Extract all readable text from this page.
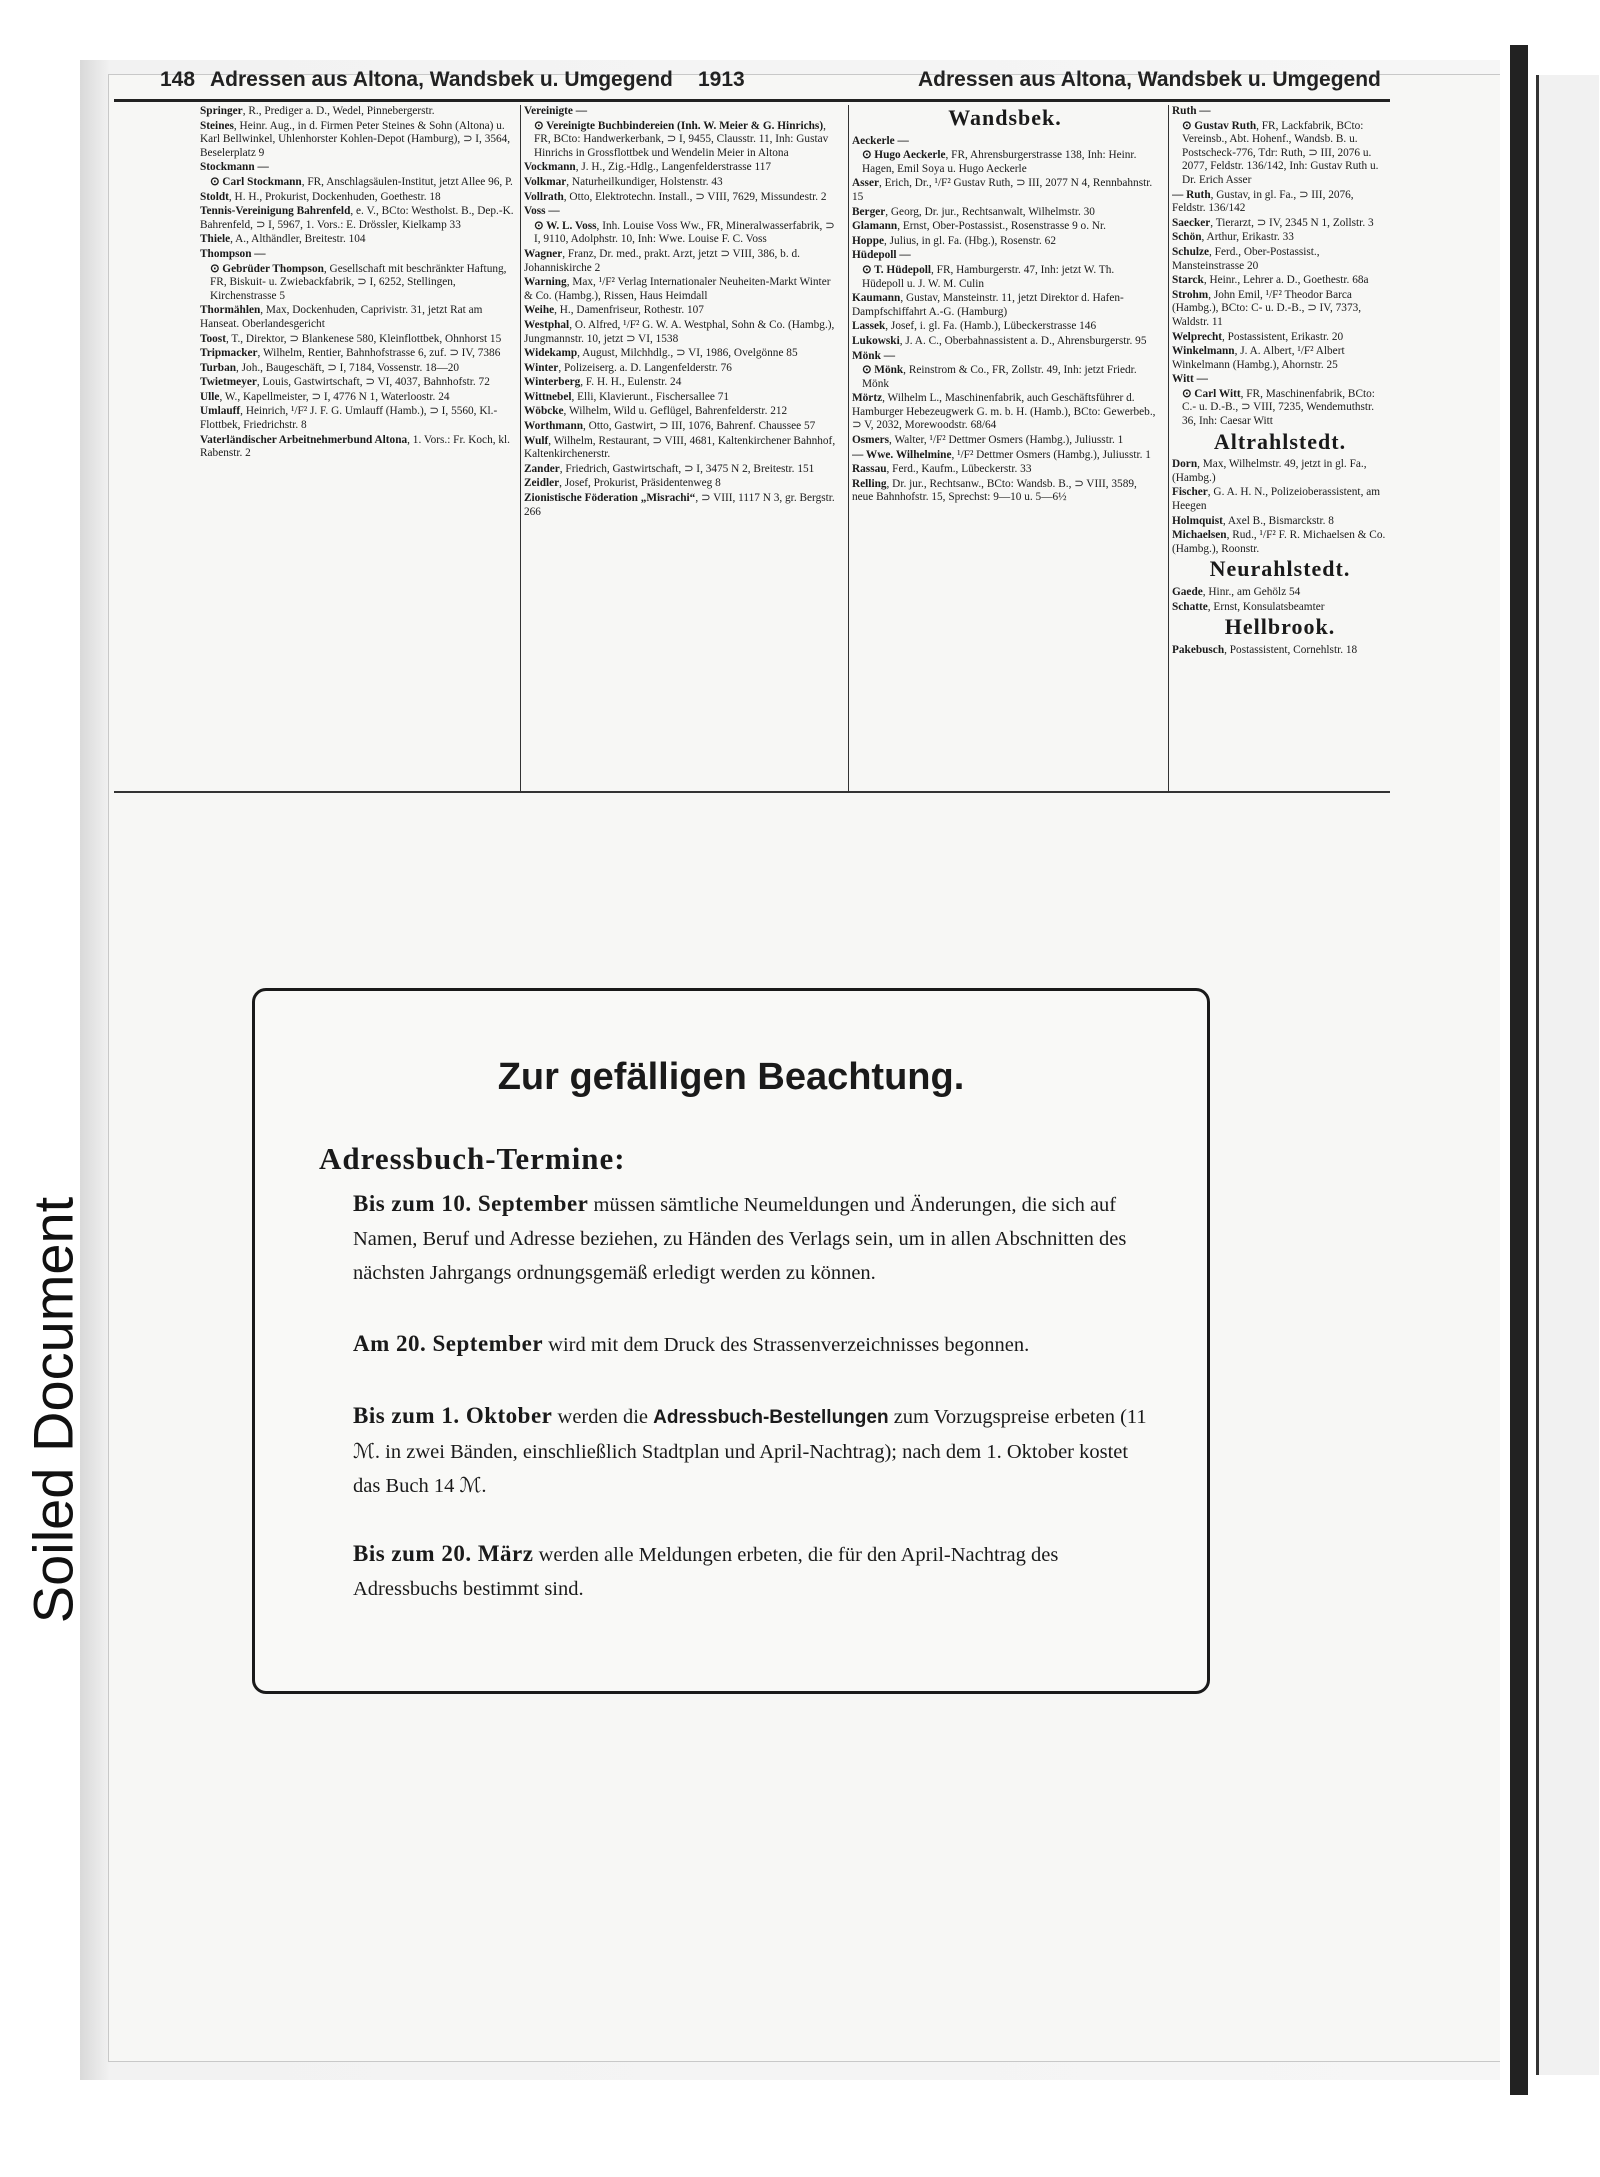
Soiled Document
148 Adressen aus Altona, Wandsbek u. Umgegend 1913	Adressen aus Altona, Wandsbek u. Umgegend

Springer, R., Prediger a. D., Wedel, Pinnebergerstr.

Steines, Heinr. Aug., in d. Firmen Peter Steines & Sohn (Altona) u. Karl Bellwinkel, Uhlenhorster Kohlen-Depot (Hamburg), ⊃ I, 3564, Beselerplatz 9

Stockmann —

⊙ Carl Stockmann, FR, Anschlagsäulen-Institut, jetzt Allee 96, P.

Stoldt, H. H., Prokurist, Dockenhuden, Goethestr. 18

Tennis-Vereinigung Bahrenfeld, e. V., BCto: Westholst. B., Dep.-K. Bahrenfeld, ⊃ I, 5967, 1. Vors.: E. Drössler, Kielkamp 33

Thiele, A., Althändler, Breitestr. 104

Thompson —

⊙ Gebrüder Thompson, Gesellschaft mit beschränkter Haftung, FR, Biskuit- u. Zwiebackfabrik, ⊃ I, 6252, Stellingen, Kirchenstrasse 5

Thormählen, Max, Dockenhuden, Caprivistr. 31, jetzt Rat am Hanseat. Oberlandesgericht

Toost, T., Direktor, ⊃ Blankenese 580, Kleinflottbek, Ohnhorst 15

Tripmacker, Wilhelm, Rentier, Bahnhofstrasse 6, zuf. ⊃ IV, 7386

Turban, Joh., Baugeschäft, ⊃ I, 7184, Vossenstr. 18—20

Twietmeyer, Louis, Gastwirtschaft, ⊃ VI, 4037, Bahnhofstr. 72

Ulle, W., Kapellmeister, ⊃ I, 4776 N 1, Waterloostr. 24

Umlauff, Heinrich, ¹/F² J. F. G. Umlauff (Hamb.), ⊃ I, 5560, Kl.-Flottbek, Friedrichstr. 8

Vaterländischer Arbeitnehmerbund Altona, 1. Vors.: Fr. Koch, kl. Rabenstr. 2

Vereinigte —

⊙ Vereinigte Buchbindereien (Inh. W. Meier & G. Hinrichs), FR, BCto: Handwerkerbank, ⊃ I, 9455, Clausstr. 11, Inh: Gustav Hinrichs in Grossflottbek und Wendelin Meier in Altona

Vockmann, J. H., Zig.-Hdlg., Langenfelderstrasse 117

Volkmar, Naturheilkundiger, Holstenstr. 43

Vollrath, Otto, Elektrotechn. Install., ⊃ VIII, 7629, Missundestr. 2

Voss —

⊙ W. L. Voss, Inh. Louise Voss Ww., FR, Mineralwasserfabrik, ⊃ I, 9110, Adolphstr. 10, Inh: Wwe. Louise F. C. Voss

Wagner, Franz, Dr. med., prakt. Arzt, jetzt ⊃ VIII, 386, b. d. Johanniskirche 2

Warning, Max, ¹/F² Verlag Internationaler Neuheiten-Markt Winter & Co. (Hambg.), Rissen, Haus Heimdall

Weihe, H., Damenfriseur, Rothestr. 107

Westphal, O. Alfred, ¹/F² G. W. A. Westphal, Sohn & Co. (Hambg.), Jungmannstr. 10, jetzt ⊃ VI, 1538

Widekamp, August, Milchhdlg., ⊃ VI, 1986, Ovelgönne 85

Winter, Polizeiserg. a. D. Langenfelderstr. 76

Winterberg, F. H. H., Eulenstr. 24

Wittnebel, Elli, Klavierunt., Fischersallee 71

Wöbcke, Wilhelm, Wild u. Geflügel, Bahrenfelderstr. 212

Worthmann, Otto, Gastwirt, ⊃ III, 1076, Bahrenf. Chaussee 57

Wulf, Wilhelm, Restaurant, ⊃ VIII, 4681, Kaltenkirchener Bahnhof, Kaltenkirchenerstr.

Zander, Friedrich, Gastwirtschaft, ⊃ I, 3475 N 2, Breitestr. 151

Zeidler, Josef, Prokurist, Präsidentenweg 8

Zionistische Föderation „Misrachi“, ⊃ VIII, 1117 N 3, gr. Bergstr. 266

Wandsbek.

Aeckerle —

⊙ Hugo Aeckerle, FR, Ahrensburgerstrasse 138, Inh: Heinr. Hagen, Emil Soya u. Hugo Aeckerle

Asser, Erich, Dr., ¹/F² Gustav Ruth, ⊃ III, 2077 N 4, Rennbahnstr. 15

Berger, Georg, Dr. jur., Rechtsanwalt, Wilhelmstr. 30

Glamann, Ernst, Ober-Postassist., Rosenstrasse 9 o. Nr.

Hoppe, Julius, in gl. Fa. (Hbg.), Rosenstr. 62

Hüdepoll —

⊙ T. Hüdepoll, FR, Hamburgerstr. 47, Inh: jetzt W. Th. Hüdepoll u. J. W. M. Culin

Kaumann, Gustav, Mansteinstr. 11, jetzt Direktor d. Hafen-Dampfschiffahrt A.-G. (Hamburg)

Lassek, Josef, i. gl. Fa. (Hamb.), Lübeckerstrasse 146

Lukowski, J. A. C., Oberbahnassistent a. D., Ahrensburgerstr. 95

Mönk —

⊙ Mönk, Reinstrom & Co., FR, Zollstr. 49, Inh: jetzt Friedr. Mönk

Mörtz, Wilhelm L., Maschinenfabrik, auch Geschäftsführer d. Hamburger Hebezeugwerk G. m. b. H. (Hamb.), BCto: Gewerbeb., ⊃ V, 2032, Morewoodstr. 68/64

Osmers, Walter, ¹/F² Dettmer Osmers (Hambg.), Juliusstr. 1

— Wwe. Wilhelmine, ¹/F² Dettmer Osmers (Hambg.), Juliusstr. 1

Rassau, Ferd., Kaufm., Lübeckerstr. 33

Relling, Dr. jur., Rechtsanw., BCto: Wandsb. B., ⊃ VIII, 3589, neue Bahnhofstr. 15, Sprechst: 9—10 u. 5—6½

Ruth —

⊙ Gustav Ruth, FR, Lackfabrik, BCto: Vereinsb., Abt. Hohenf., Wandsb. B. u. Postscheck-776, Tdr: Ruth, ⊃ III, 2076 u. 2077, Feldstr. 136/142, Inh: Gustav Ruth u. Dr. Erich Asser

— Ruth, Gustav, in gl. Fa., ⊃ III, 2076, Feldstr. 136/142

Saecker, Tierarzt, ⊃ IV, 2345 N 1, Zollstr. 3

Schön, Arthur, Erikastr. 33

Schulze, Ferd., Ober-Postassist., Mansteinstrasse 20

Starck, Heinr., Lehrer a. D., Goethestr. 68a

Strohm, John Emil, ¹/F² Theodor Barca (Hambg.), BCto: C- u. D.-B., ⊃ IV, 7373, Waldstr. 11

Welprecht, Postassistent, Erikastr. 20

Winkelmann, J. A. Albert, ¹/F² Albert Winkelmann (Hambg.), Ahornstr. 25

Witt —

⊙ Carl Witt, FR, Maschinenfabrik, BCto: C.- u. D.-B., ⊃ VIII, 7235, Wendemuthstr. 36, Inh: Caesar Witt

Altrahlstedt.

Dorn, Max, Wilhelmstr. 49, jetzt in gl. Fa., (Hambg.)

Fischer, G. A. H. N., Polizeioberassistent, am Heegen

Holmquist, Axel B., Bismarckstr. 8

Michaelsen, Rud., ¹/F² F. R. Michaelsen & Co. (Hambg.), Roonstr.

Neurahlstedt.

Gaede, Hinr., am Gehölz 54

Schatte, Ernst, Konsulatsbeamter

Hellbrook.

Pakebusch, Postassistent, Cornehlstr. 18

Zur gefälligen Beachtung.
Adressbuch-Termine:
Bis zum 10. September müssen sämtliche Neumeldungen und Änderungen, die sich auf Namen, Beruf und Adresse beziehen, zu Händen des Verlags sein, um in allen Abschnitten des nächsten Jahrgangs ordnungsgemäß erledigt werden zu können.
Am 20. September wird mit dem Druck des Strassenverzeichnisses begonnen.
Bis zum 1. Oktober werden die Adressbuch-Bestellungen zum Vorzugspreise erbeten (11 ℳ. in zwei Bänden, einschließlich Stadtplan und April-Nachtrag); nach dem 1. Oktober kostet das Buch 14 ℳ.
Bis zum 20. März werden alle Meldungen erbeten, die für den April-Nachtrag des Adressbuchs bestimmt sind.
